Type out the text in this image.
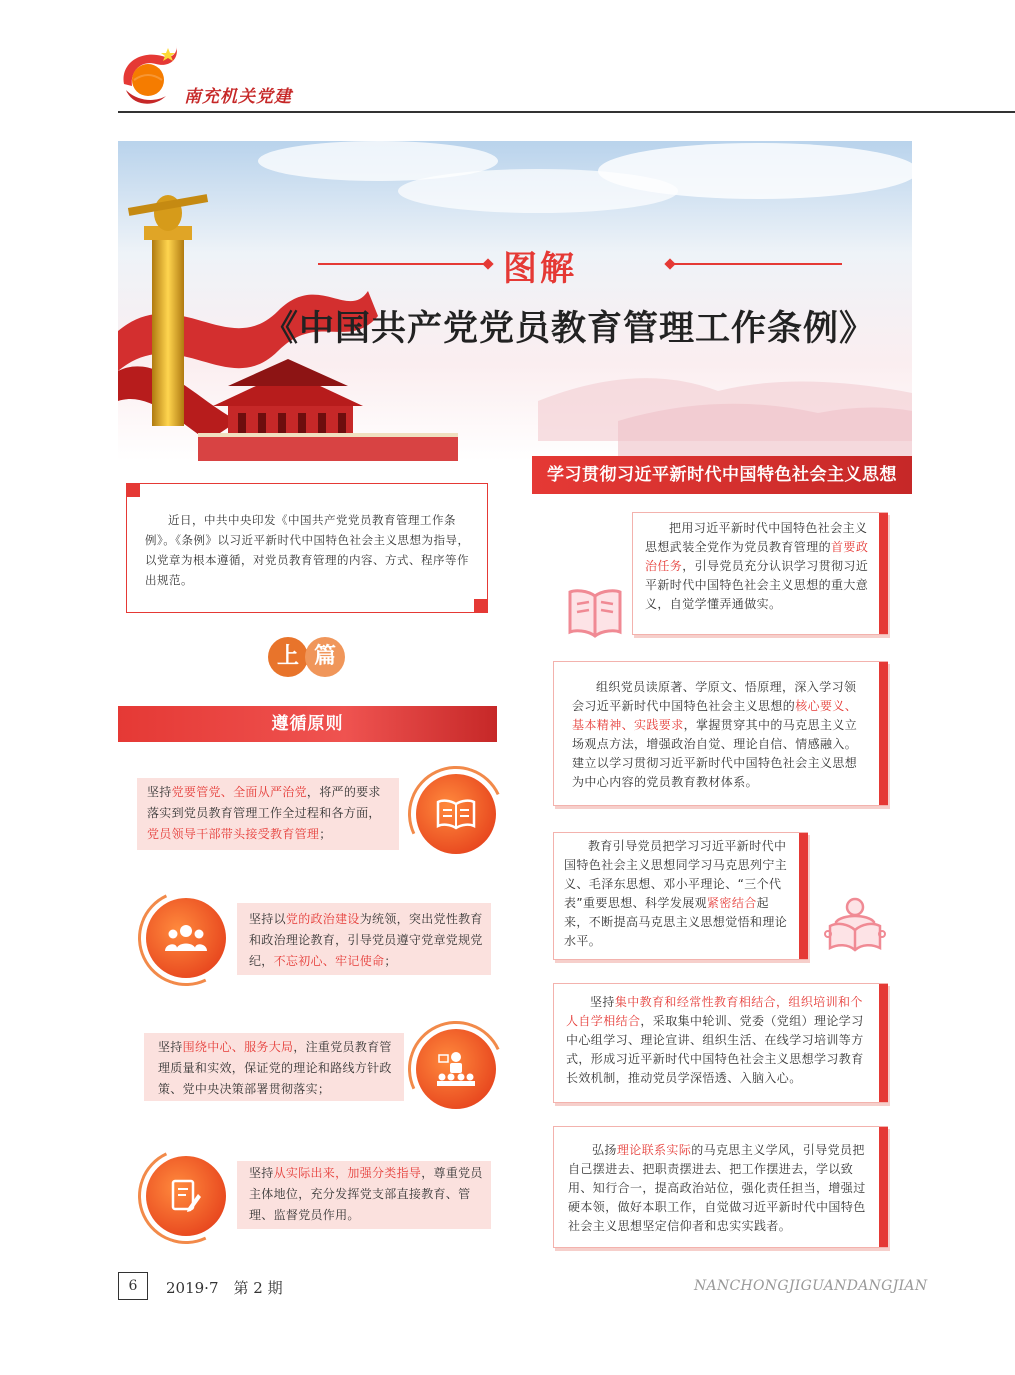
南充机关党建
图解
《中国共产党党员教育管理工作条例》
学习贯彻习近平新时代中国特色社会主义思想
近日，中共中央印发《中国共产党党员教育管理工作条例》。《条例》以习近平新时代中国特色社会主义思想为指导，以党章为根本遵循，对党员教育管理的内容、方式、程序等作出规范。
上 篇
遵循原则
坚持党要管党、全面从严治党，将严的要求落实到党员教育管理工作全过程和各方面，党员领导干部带头接受教育管理；
坚持以党的政治建设为统领，突出党性教育和政治理论教育，引导党员遵守党章党规党纪，不忘初心、牢记使命；
坚持围绕中心、服务大局，注重党员教育管理质量和实效，保证党的理论和路线方针政策、党中央决策部署贯彻落实；
坚持从实际出来，加强分类指导，尊重党员主体地位，充分发挥党支部直接教育、管理、监督党员作用。
把用习近平新时代中国特色社会主义思想武装全党作为党员教育管理的首要政治任务，引导党员充分认识学习贯彻习近平新时代中国特色社会主义思想的重大意义，自觉学懂弄通做实。
组织党员读原著、学原文、悟原理，深入学习领会习近平新时代中国特色社会主义思想的核心要义、基本精神、实践要求，掌握贯穿其中的马克思主义立场观点方法，增强政治自觉、理论自信、情感融入。建立以学习贯彻习近平新时代中国特色社会主义思想为中心内容的党员教育教材体系。
教育引导党员把学习习近平新时代中国特色社会主义思想同学习马克思列宁主义、毛泽东思想、邓小平理论、“三个代表”重要思想、科学发展观紧密结合起来，不断提高马克思主义思想觉悟和理论水平。
坚持集中教育和经常性教育相结合，组织培训和个人自学相结合，采取集中轮训、党委（党组）理论学习中心组学习、理论宣讲、组织生活、在线学习培训等方式，形成习近平新时代中国特色社会主义思想学习教育长效机制，推动党员学深悟透、入脑入心。
弘扬理论联系实际的马克思主义学风，引导党员把自己摆进去、把职责摆进去、把工作摆进去，学以致用、知行合一，提高政治站位，强化责任担当，增强过硬本领，做好本职工作，自觉做习近平新时代中国特色社会主义思想坚定信仰者和忠实实践者。
6	2019·7　第 2 期	NANCHONGJIGUANDANGJIAN
